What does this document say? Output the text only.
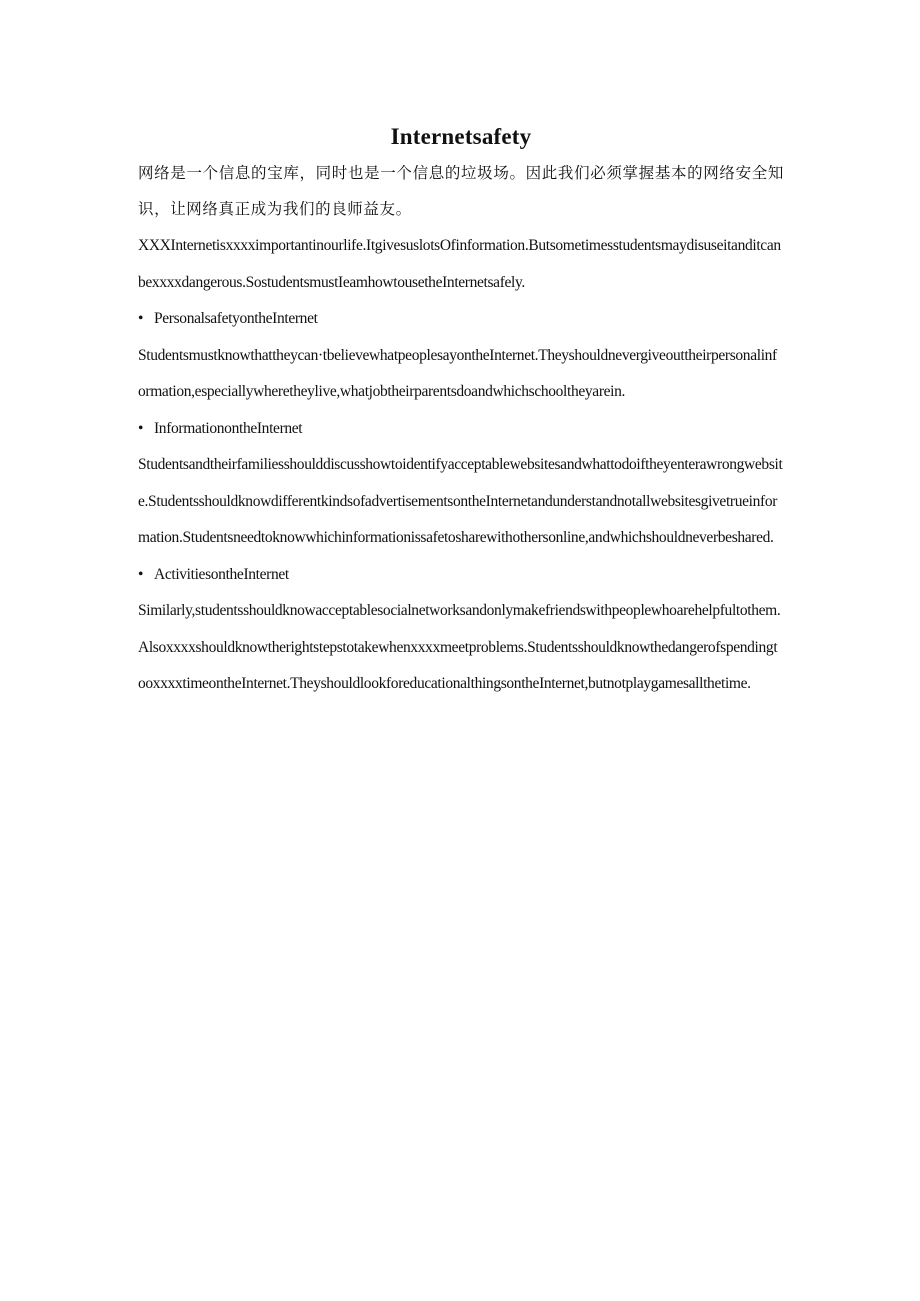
Internetsafety

网络是一个信息的宝库，同时也是一个信息的垃圾场。因此我们必须掌握基本的网络安全知识，让网络真正成为我们的良师益友。

XXXInternetisxxxximportantinourlife.ItgivesuslotsOfinformation.Butsometimesstudentsmaydisuseitanditcanbexxxxdangerous.SostudentsmustIeamhowtousetheInternetsafely.

• PersonalsafetyontheInternet

Studentsmustknowthattheycan·tbelievewhatpeoplesayontheInternet.Theyshouldnevergiveouttheirpersonalinformation,especiallywheretheylive,whatjobtheirparentsdoandwhichschooltheyarein.

• InformationontheInternet

Studentsandtheirfamiliesshoulddiscusshowtoidentifyacceptablewebsitesandwhattodoiftheyenterawrongwebsite.StudentsshouldknowdifferentkindsofadvertisementsontheInternetandunderstandnotallwebsitesgivetrueinformation.Studentsneedtoknowwhichinformationissafetosharewithothersonline,andwhichshouldneverbeshared.

• ActivitiesontheInternet

Similarly,studentsshouldknowacceptablesocialnetworksandonlymakefriendswithpeoplewhoarehelpfultothem.Alsoxxxxshouldknowtherightstepstotakewhenxxxxmeetproblems.StudentsshouldknowthedangerofspendingtooxxxxtimeontheInternet.TheyshouldlookforeducationalthingsontheInternet,butnotplaygamesallthetime.
